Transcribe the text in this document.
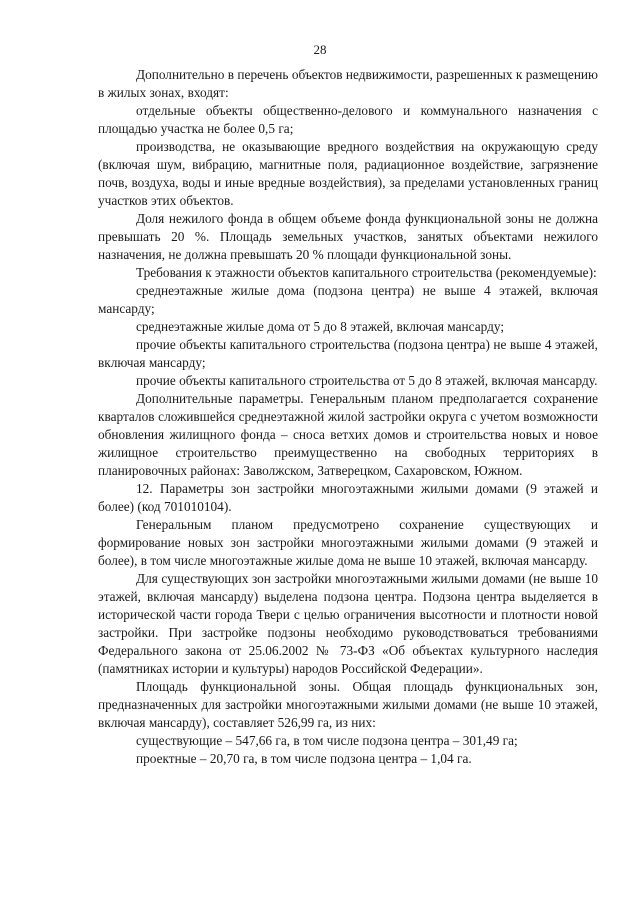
28

Дополнительно в перечень объектов недвижимости, разрешенных к размещению в жилых зонах, входят:

отдельные объекты общественно-делового и коммунального назначения с площадью участка не более 0,5 га;

производства, не оказывающие вредного воздействия на окружающую среду (включая шум, вибрацию, магнитные поля, радиационное воздействие, загрязнение почв, воздуха, воды и иные вредные воздействия), за пределами установленных границ участков этих объектов.

Доля нежилого фонда в общем объеме фонда функциональной зоны не должна превышать 20 %. Площадь земельных участков, занятых объектами нежилого назначения, не должна превышать 20 % площади функциональной зоны.

Требования к этажности объектов капитального строительства (рекомендуемые):

среднеэтажные жилые дома (подзона центра) не выше 4 этажей, включая мансарду;

среднеэтажные жилые дома от 5 до 8 этажей, включая мансарду;

прочие объекты капитального строительства (подзона центра) не выше 4 этажей, включая мансарду;

прочие объекты капитального строительства от 5 до 8 этажей, включая мансарду.

Дополнительные параметры. Генеральным планом предполагается сохранение кварталов сложившейся среднеэтажной жилой застройки округа с учетом возможности обновления жилищного фонда – сноса ветхих домов и строительства новых и новое жилищное строительство преимущественно на свободных территориях в планировочных районах: Заволжском, Затверецком, Сахаровском, Южном.

12. Параметры зон застройки многоэтажными жилыми домами (9 этажей и более) (код 701010104).

Генеральным планом предусмотрено сохранение существующих и формирование новых зон застройки многоэтажными жилыми домами (9 этажей и более), в том числе многоэтажные жилые дома не выше 10 этажей, включая мансарду.

Для существующих зон застройки многоэтажными жилыми домами (не выше 10 этажей, включая мансарду) выделена подзона центра. Подзона центра выделяется в исторической части города Твери с целью ограничения высотности и плотности новой застройки. При застройке подзоны необходимо руководствоваться требованиями Федерального закона от 25.06.2002 № 73-ФЗ «Об объектах культурного наследия (памятниках истории и культуры) народов Российской Федерации».

Площадь функциональной зоны. Общая площадь функциональных зон, предназначенных для застройки многоэтажными жилыми домами (не выше 10 этажей, включая мансарду), составляет 526,99 га, из них:

существующие – 547,66 га, в том числе подзона центра – 301,49 га;

проектные – 20,70 га, в том числе подзона центра – 1,04 га.
